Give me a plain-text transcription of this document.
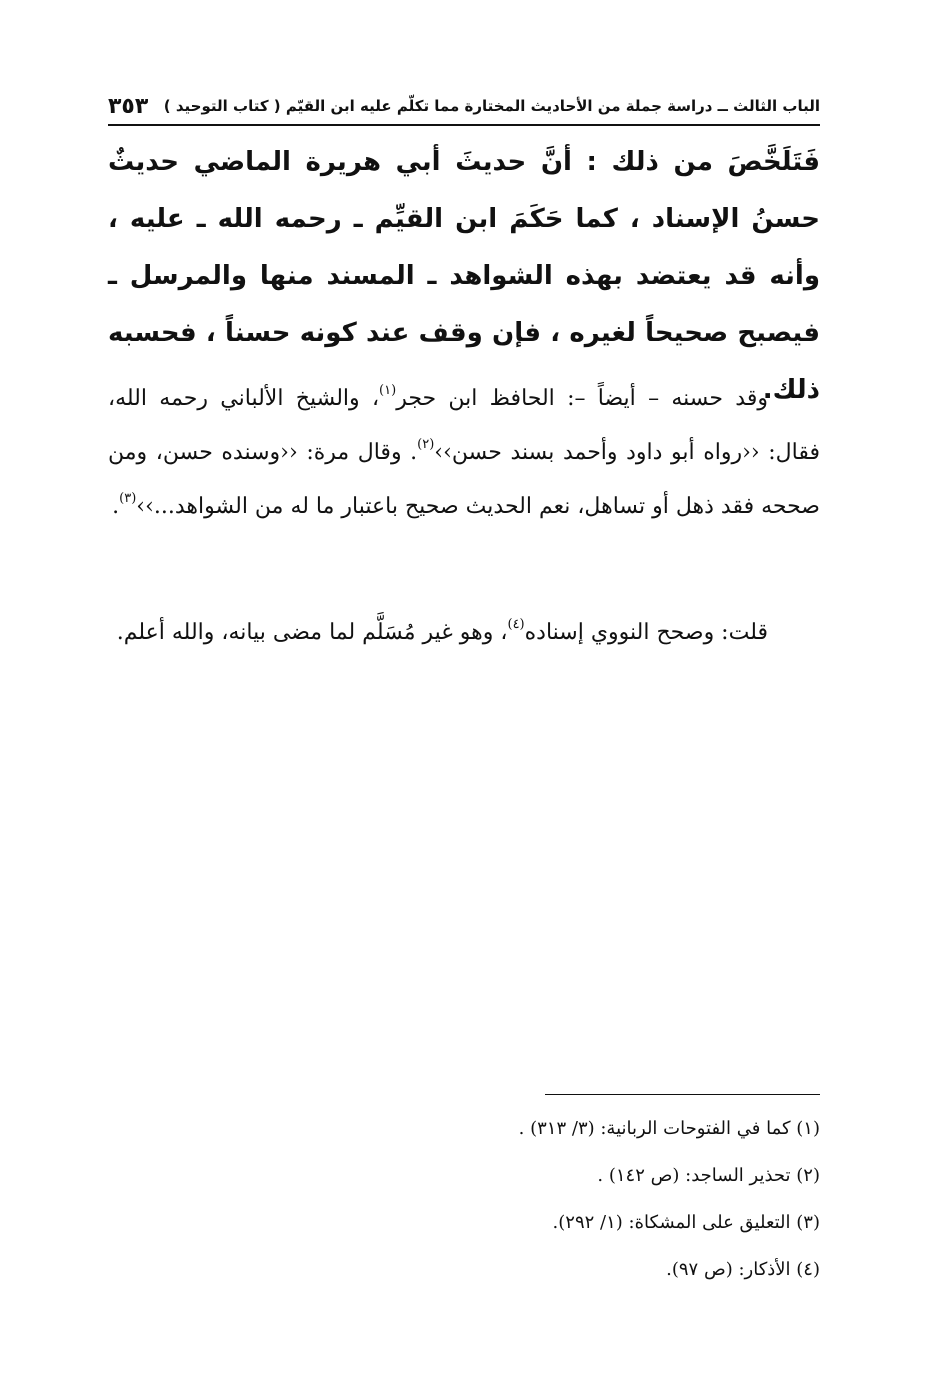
الباب الثالث ــ دراسة جملة من الأحاديث المختارة مما تكلّم عليه ابن القيّم ( كتاب التوحيد )
٣٥٣
فَتَلَخَّصَ من ذلك : أنَّ حديثَ أبي هريرة الماضي حديثٌ حسنُ الإسناد ، كما حَكَمَ ابن القيِّم ـ رحمه الله ـ عليه ، وأنه قد يعتضد بهذه الشواهد ـ المسند منها والمرسل ـ فيصبح صحيحاً لغيره ، فإن وقف عند كونه حسناً ، فحسبه ذلك.
وقد حسنه – أيضاً –: الحافظ ابن حجر$^{(١)}$، والشيخ الألباني رحمه الله، فقال: ‹‹رواه أبو داود وأحمد بسند حسن››$^{(٢)}$. وقال مرة: ‹‹وسنده حسن، ومن صححه فقد ذهل أو تساهل، نعم الحديث صحيح باعتبار ما له من الشواهد...››$^{(٣)}$.
قلت: وصحح النووي إسناده$^{(٤)}$، وهو غير مُسَلَّم لما مضى بيانه، والله أعلم.
(١) كما في الفتوحات الربانية: (٣/ ٣١٣) .
(٢) تحذير الساجد: (ص ١٤٢) .
(٣) التعليق على المشكاة: (١/ ٢٩٢).
(٤) الأذكار: (ص ٩٧).
